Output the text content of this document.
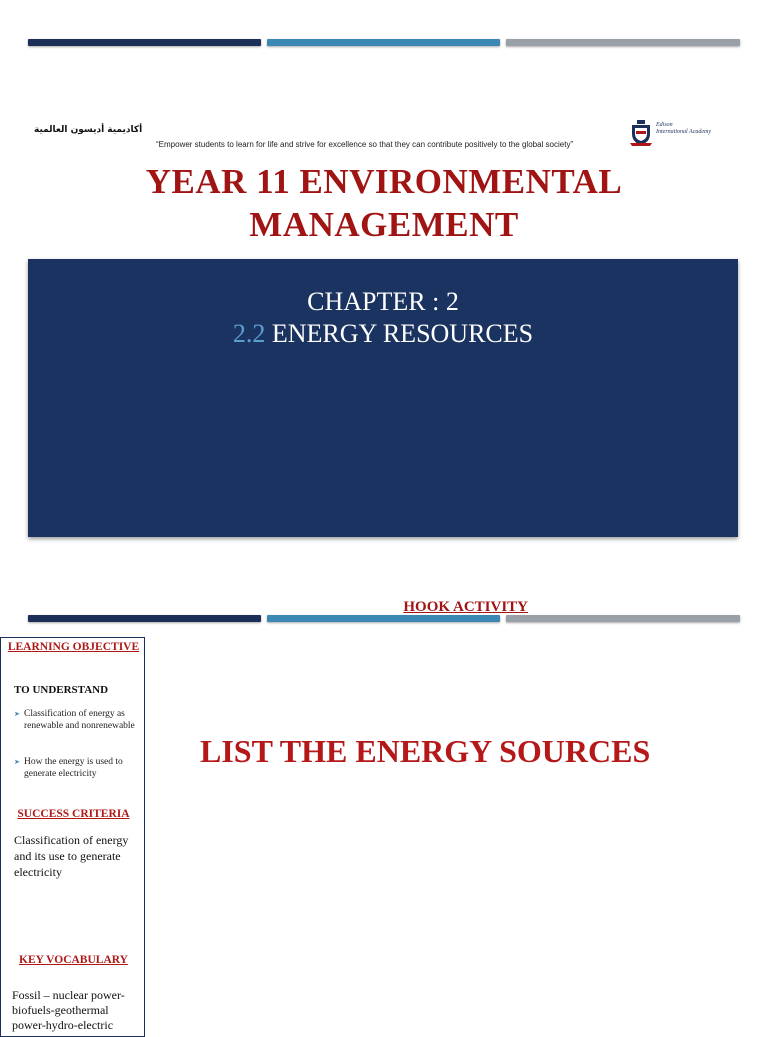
أكاديمية أديسون العالمية
“Empower students to learn for life and strive for excellence so that they can contribute positively to the global society”
Edison
International Academy
YEAR 11 ENVIRONMENTAL
MANAGEMENT
CHAPTER : 2
2.2 ENERGY RESOURCES
HOOK ACTIVITY
LEARNING OBJECTIVE
TO UNDERSTAND
➤ Classification of energy as renewable and nonrenewable
➤ How the energy is used to generate electricity
SUCCESS CRITERIA
Classification of energy and its use to generate electricity
KEY VOCABULARY
Fossil – nuclear power-biofuels-geothermal power-hydro-electric
LIST THE ENERGY SOURCES
